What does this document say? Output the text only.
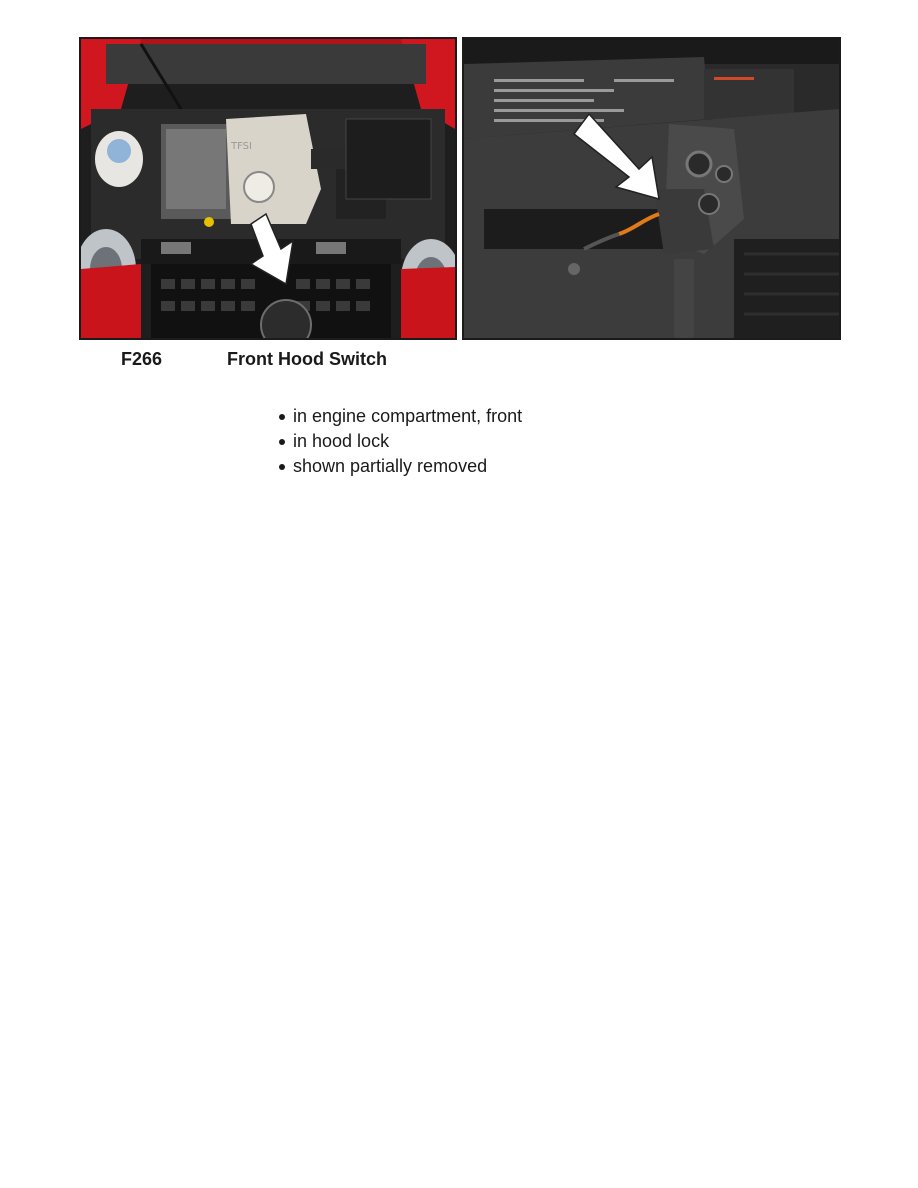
TFSI
F266	Front Hood Switch
in engine compartment, front
in hood lock
shown partially removed
